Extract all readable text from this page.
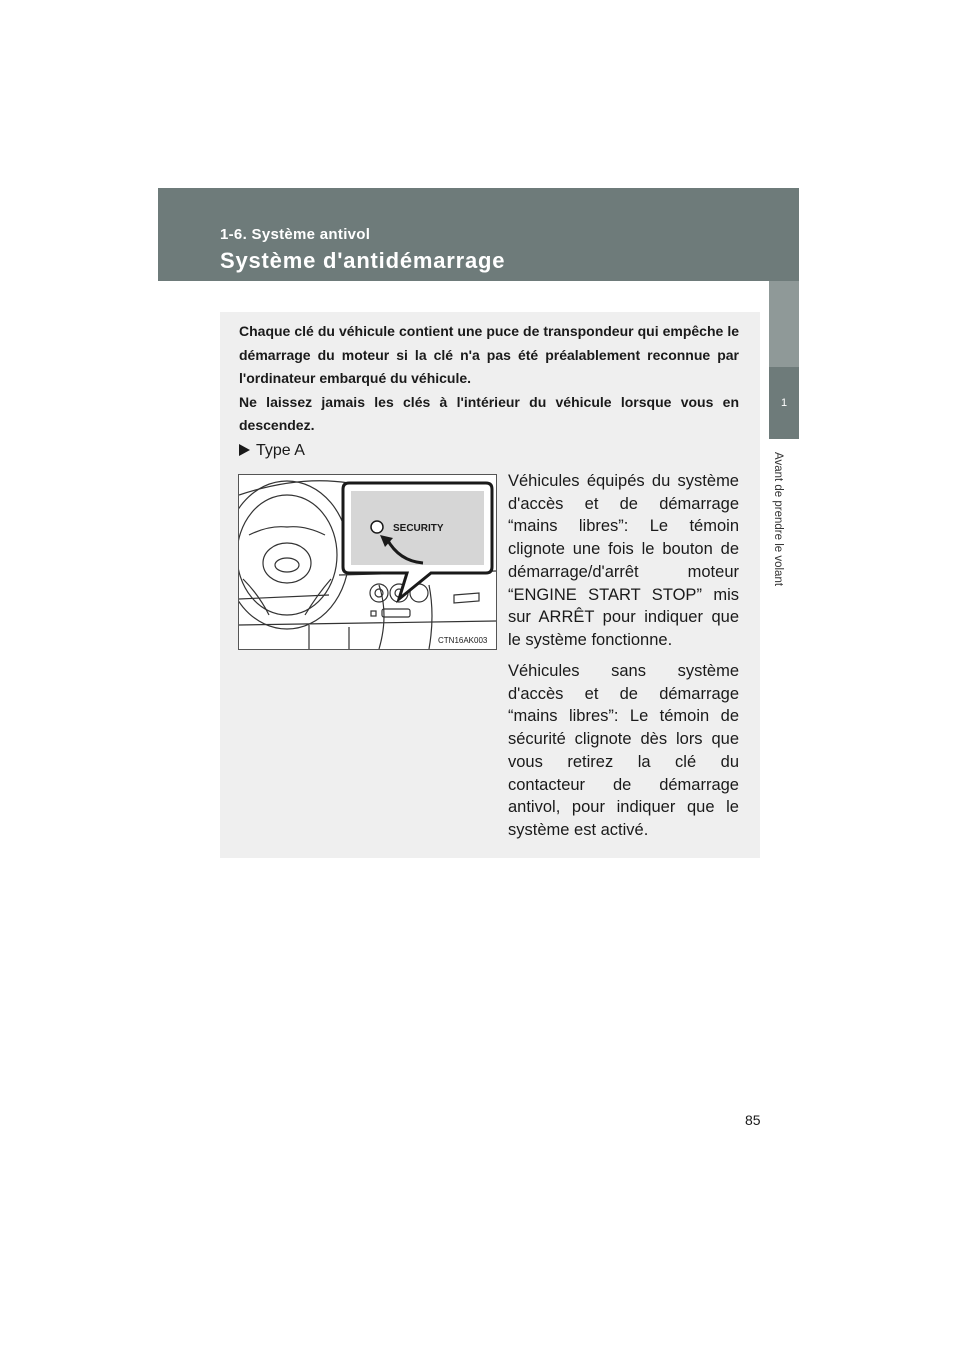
1-6. Système antivol
Système d'antidémarrage
1
Avant de prendre le volant

Chaque clé du véhicule contient une puce de transpondeur qui empêche le démarrage du moteur si la clé n'a pas été préalablement reconnue par l'ordinateur embarqué du véhicule.

Ne laissez jamais les clés à l'intérieur du véhicule lorsque vous en descendez.

Type A
SECURITY
CTN16AK003

Véhicules équipés du système d'accès et de démarrage “mains libres”: Le témoin clignote une fois le bouton de démarrage/d'arrêt moteur “ENGINE START STOP” mis sur ARRÊT pour indiquer que le système fonctionne.

Véhicules sans système d'accès et de démarrage “mains libres”: Le témoin de sécurité clignote dès lors que vous retirez la clé du contacteur de démarrage antivol, pour indiquer que le système est activé.

85
